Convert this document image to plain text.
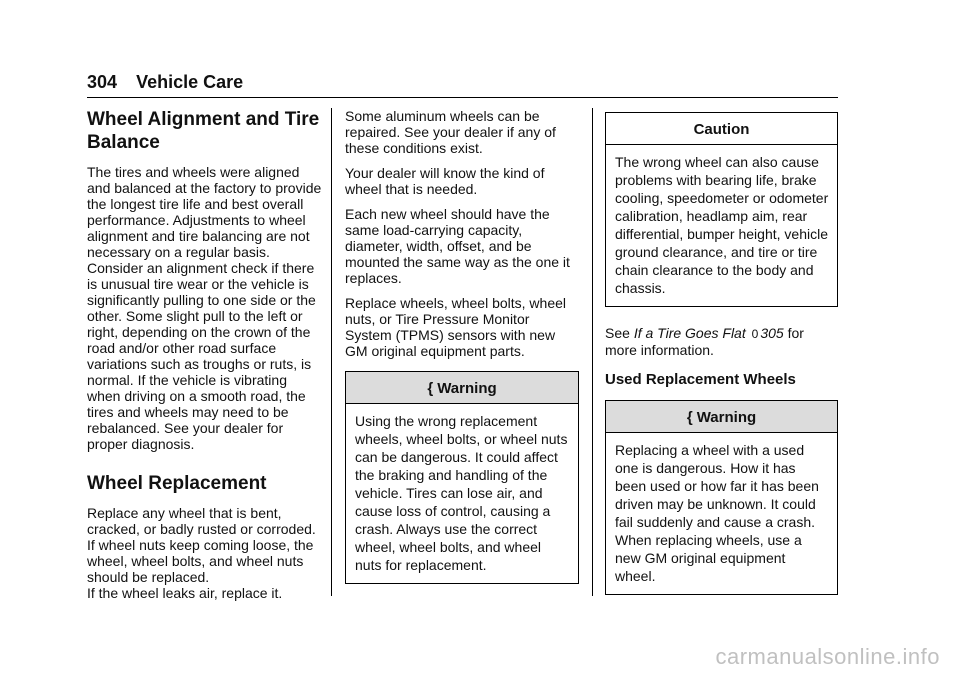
304 Vehicle Care
Wheel Alignment and Tire Balance

The tires and wheels were aligned and balanced at the factory to provide the longest tire life and best overall performance. Adjustments to wheel alignment and tire balancing are not necessary on a regular basis. Consider an alignment check if there is unusual tire wear or the vehicle is significantly pulling to one side or the other. Some slight pull to the left or right, depending on the crown of the road and/or other road surface variations such as troughs or ruts, is normal. If the vehicle is vibrating when driving on a smooth road, the tires and wheels may need to be rebalanced. See your dealer for proper diagnosis.

Wheel Replacement

Replace any wheel that is bent, cracked, or badly rusted or corroded. If wheel nuts keep coming loose, the wheel, wheel bolts, and wheel nuts should be replaced.

If the wheel leaks air, replace it.

Some aluminum wheels can be repaired. See your dealer if any of these conditions exist.

Your dealer will know the kind of wheel that is needed.

Each new wheel should have the same load-carrying capacity, diameter, width, offset, and be mounted the same way as the one it replaces.

Replace wheels, wheel bolts, wheel nuts, or Tire Pressure Monitor System (TPMS) sensors with new GM original equipment parts.

{ Warning
Using the wrong replacement wheels, wheel bolts, or wheel nuts can be dangerous. It could affect the braking and handling of the vehicle. Tires can lose air, and cause loss of control, causing a crash. Always use the correct wheel, wheel bolts, and wheel nuts for replacement.
Caution
The wrong wheel can also cause problems with bearing life, brake cooling, speedometer or odometer calibration, headlamp aim, rear differential, bumper height, vehicle ground clearance, and tire or tire chain clearance to the body and chassis.

See If a Tire Goes Flat 0 305 for more information.

Used Replacement Wheels
{ Warning
Replacing a wheel with a used one is dangerous. How it has been used or how far it has been driven may be unknown. It could fail suddenly and cause a crash. When replacing wheels, use a new GM original equipment wheel.
carmanualsonline.info
